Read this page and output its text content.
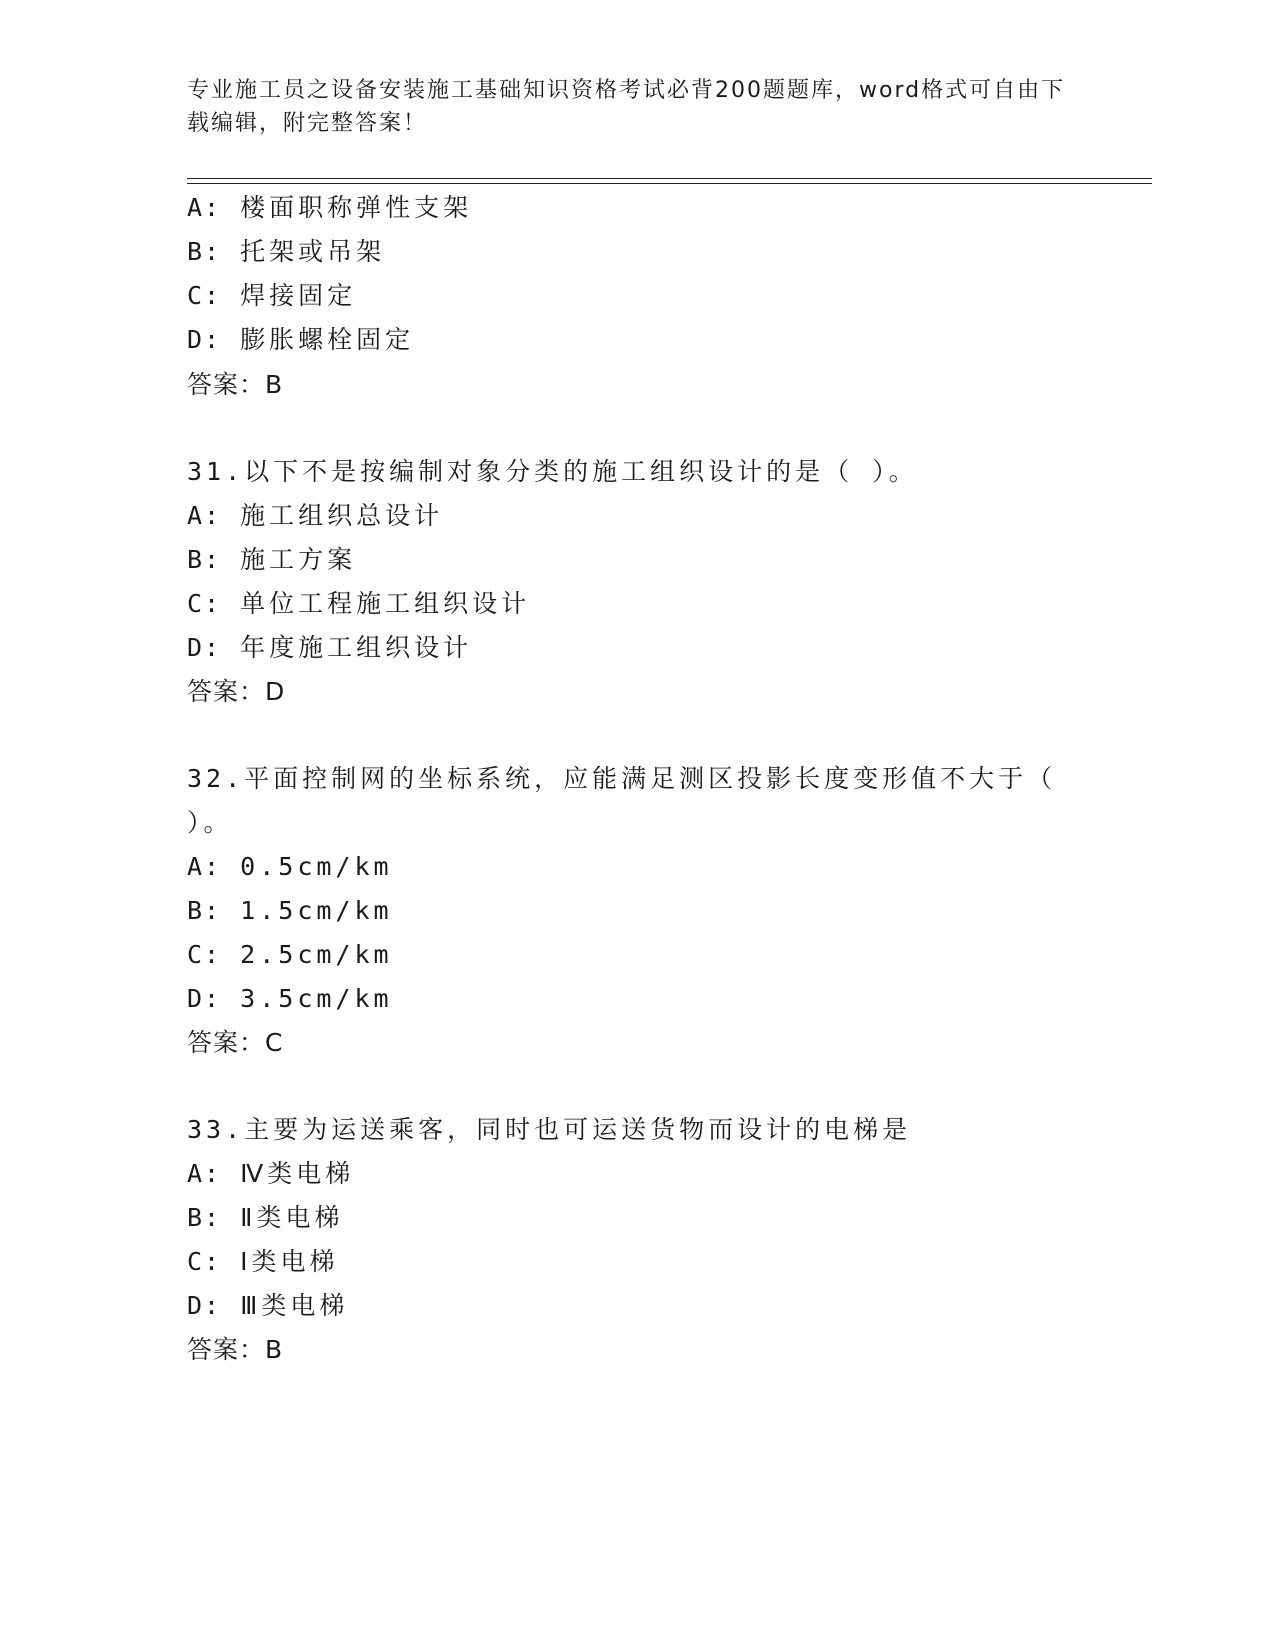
专业施工员之设备安装施工基础知识资格考试必背200题题库，word格式可自由下载编辑，附完整答案！
A: 楼面职称弹性支架
B: 托架或吊架
C: 焊接固定
D: 膨胀螺栓固定
答案：B
31.以下不是按编制对象分类的施工组织设计的是（ ）。
A: 施工组织总设计
B: 施工方案
C: 单位工程施工组织设计
D: 年度施工组织设计
答案：D
32.平面控制网的坐标系统，应能满足测区投影长度变形值不大于（
）。
A: 0.5cm/km
B: 1.5cm/km
C: 2.5cm/km
D: 3.5cm/km
答案：C
33.主要为运送乘客，同时也可运送货物而设计的电梯是
A: Ⅳ类电梯
B: Ⅱ类电梯
C: Ⅰ类电梯
D: Ⅲ类电梯
答案：B
